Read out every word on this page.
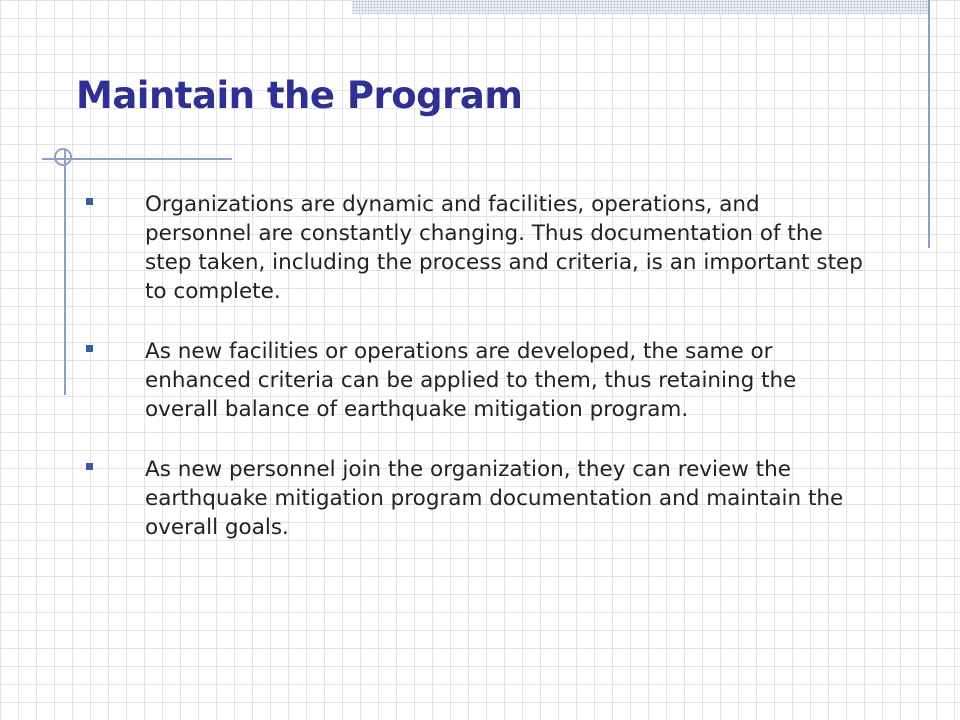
Maintain the Program
Organizations are dynamic and facilities, operations, and personnel are constantly changing. Thus documentation of the step taken, including the process and criteria, is an important step to complete.
As new facilities or operations are developed, the same or enhanced criteria can be applied to them, thus retaining the overall balance of earthquake mitigation program.
As new personnel join the organization, they can review the earthquake mitigation program documentation and maintain the overall goals.
